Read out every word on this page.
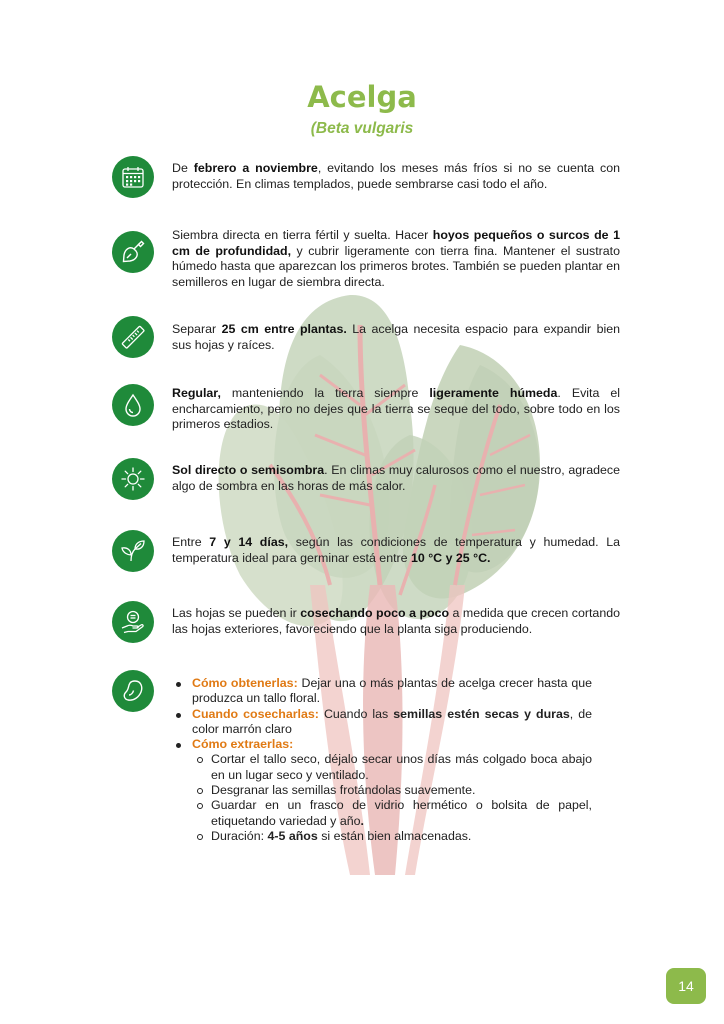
Acelga
(Beta vulgaris

De febrero a noviembre, evitando los meses más fríos si no se cuenta con protección. En climas templados, puede sembrarse casi todo el año.

Siembra directa en tierra fértil y suelta. Hacer hoyos pequeños o surcos de 1 cm de profundidad, y cubrir ligeramente con tierra fina. Mantener el sustrato húmedo hasta que aparezcan los primeros brotes. También se pueden plantar en semilleros en lugar de siembra directa.

Separar 25 cm entre plantas. La acelga necesita espacio para expandir bien sus hojas y raíces.

Regular, manteniendo la tierra siempre ligeramente húmeda. Evita el encharcamiento, pero no dejes que la tierra se seque del todo, sobre todo en los primeros estadios.

Sol directo o semisombra. En climas muy calurosos como el nuestro, agradece algo de sombra en las horas de más calor.

Entre 7 y 14 días, según las condiciones de temperatura y humedad. La temperatura ideal para germinar está entre 10 °C y 25 °C.

Las hojas se pueden ir cosechando poco a poco a medida que crecen cortando las hojas exteriores, favoreciendo que la planta siga produciendo.

Cómo obtenerlas: Dejar una o más plantas de acelga crecer hasta que produzca un tallo floral.
Cuando cosecharlas: Cuando las semillas estén secas y duras, de color marrón claro
Cómo extraerlas:
Cortar el tallo seco, déjalo secar unos días más colgado boca abajo en un lugar seco y ventilado.
Desgranar las semillas frotándolas suavemente.
Guardar en un frasco de vidrio hermético o bolsita de papel, etiquetando variedad y año.
Duración: 4-5 años si están bien almacenadas.
14
